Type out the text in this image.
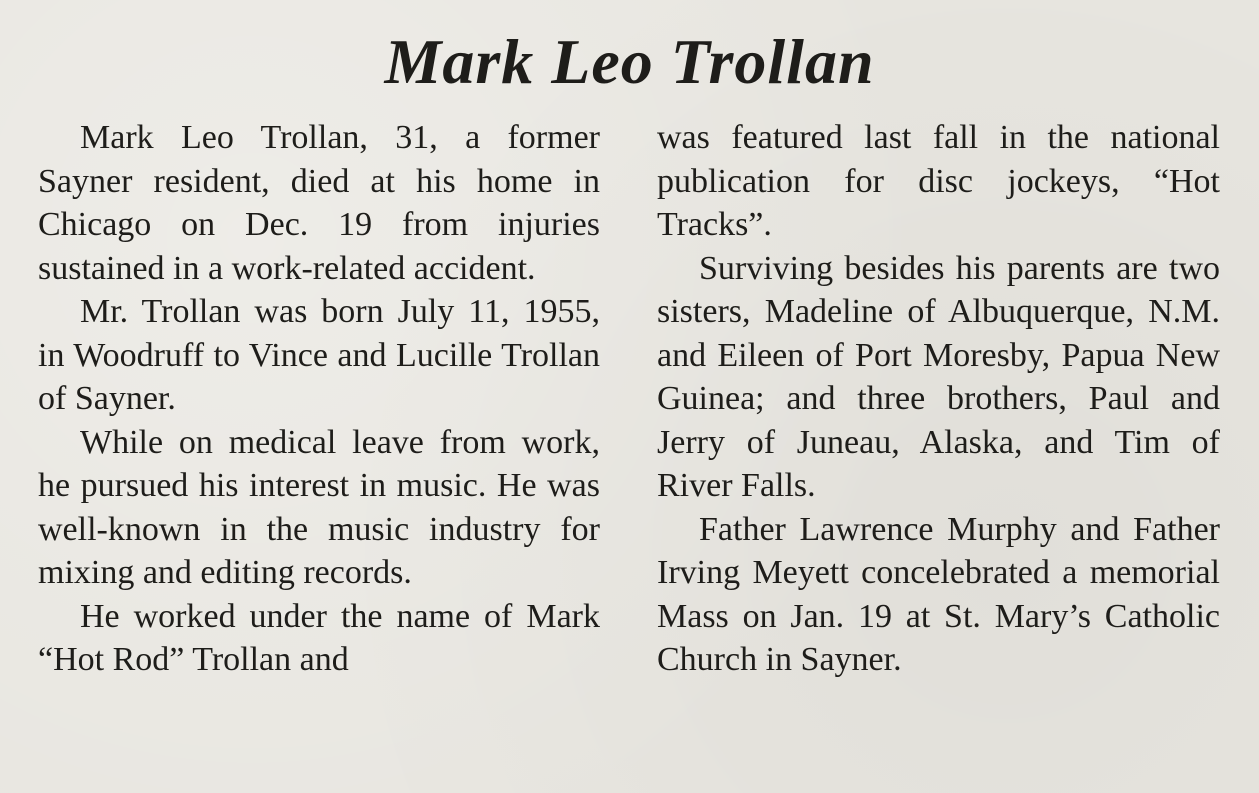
Mark Leo Trollan

Mark Leo Trollan, 31, a former Sayner resident, died at his home in Chicago on Dec. 19 from injuries sustained in a work-related accident.

Mr. Trollan was born July 11, 1955, in Woodruff to Vince and Lucille Trollan of Sayner.

While on medical leave from work, he pursued his interest in music. He was well-known in the music industry for mixing and editing records.

He worked under the name of Mark “Hot Rod” Trollan and

was featured last fall in the national publication for disc jockeys, “Hot Tracks”.

Surviving besides his parents are two sisters, Madeline of Albuquerque, N.M. and Eileen of Port Moresby, Papua New Guinea; and three brothers, Paul and Jerry of Juneau, Alaska, and Tim of River Falls.

Father Lawrence Murphy and Father Irving Meyett concelebrated a memorial Mass on Jan. 19 at St. Mary’s Catholic Church in Sayner.
